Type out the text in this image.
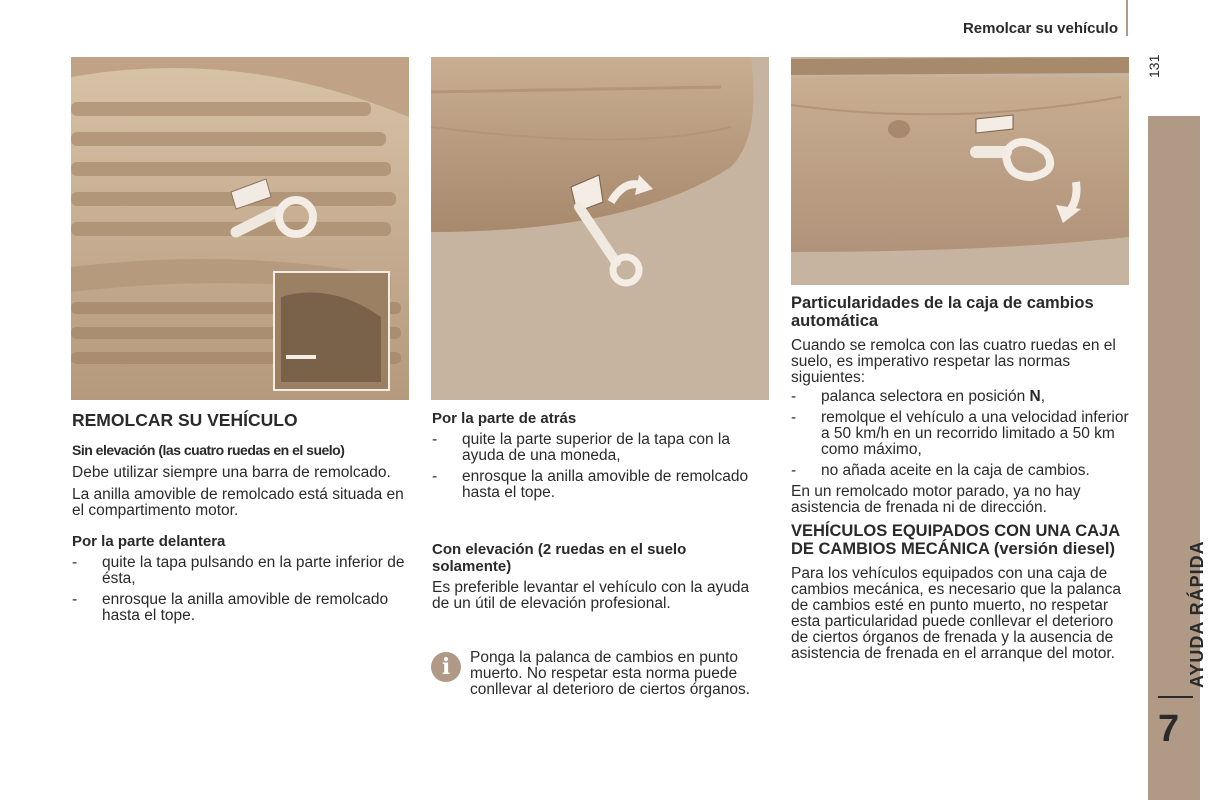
Remolcar su vehículo
131
AYUDA RÁPIDA
7
REMOLCAR SU VEHÍCULO
Sin elevación (las cuatro ruedas en el suelo)

Debe utilizar siempre una barra de remolcado.

La anilla amovible de remolcado está situada en el compartimento motor.

Por la parte delantera
- quite la tapa pulsando en la parte inferior de ésta,
- enrosque la anilla amovible de remolcado hasta el tope.
Por la parte de atrás
- quite la parte superior de la tapa con la ayuda de una moneda,
- enrosque la anilla amovible de remolcado hasta el tope.
Con elevación (2 ruedas en el suelo solamente)

Es preferible levantar el vehículo con la ayuda de un útil de elevación profesional.

i	Ponga la palanca de cambios en punto muerto. No respetar esta norma puede conllevar al deterioro de ciertos órganos.
Particularidades de la caja de cambios automática

Cuando se remolca con las cuatro ruedas en el suelo, es imperativo respetar las normas siguientes:

- palanca selectora en posición N,
- remolque el vehículo a una velocidad inferior a 50 km/h en un recorrido limitado a 50 km como máximo,
- no añada aceite en la caja de cambios.

En un remolcado motor parado, ya no hay asistencia de frenada ni de dirección.

VEHÍCULOS EQUIPADOS CON UNA CAJA DE CAMBIOS MECÁNICA (versión diesel)

Para los vehículos equipados con una caja de cambios mecánica, es necesario que la palanca de cambios esté en punto muerto, no respetar esta particularidad puede conllevar el deterioro de ciertos órganos de frenada y la ausencia de asistencia de frenada en el arranque del motor.
